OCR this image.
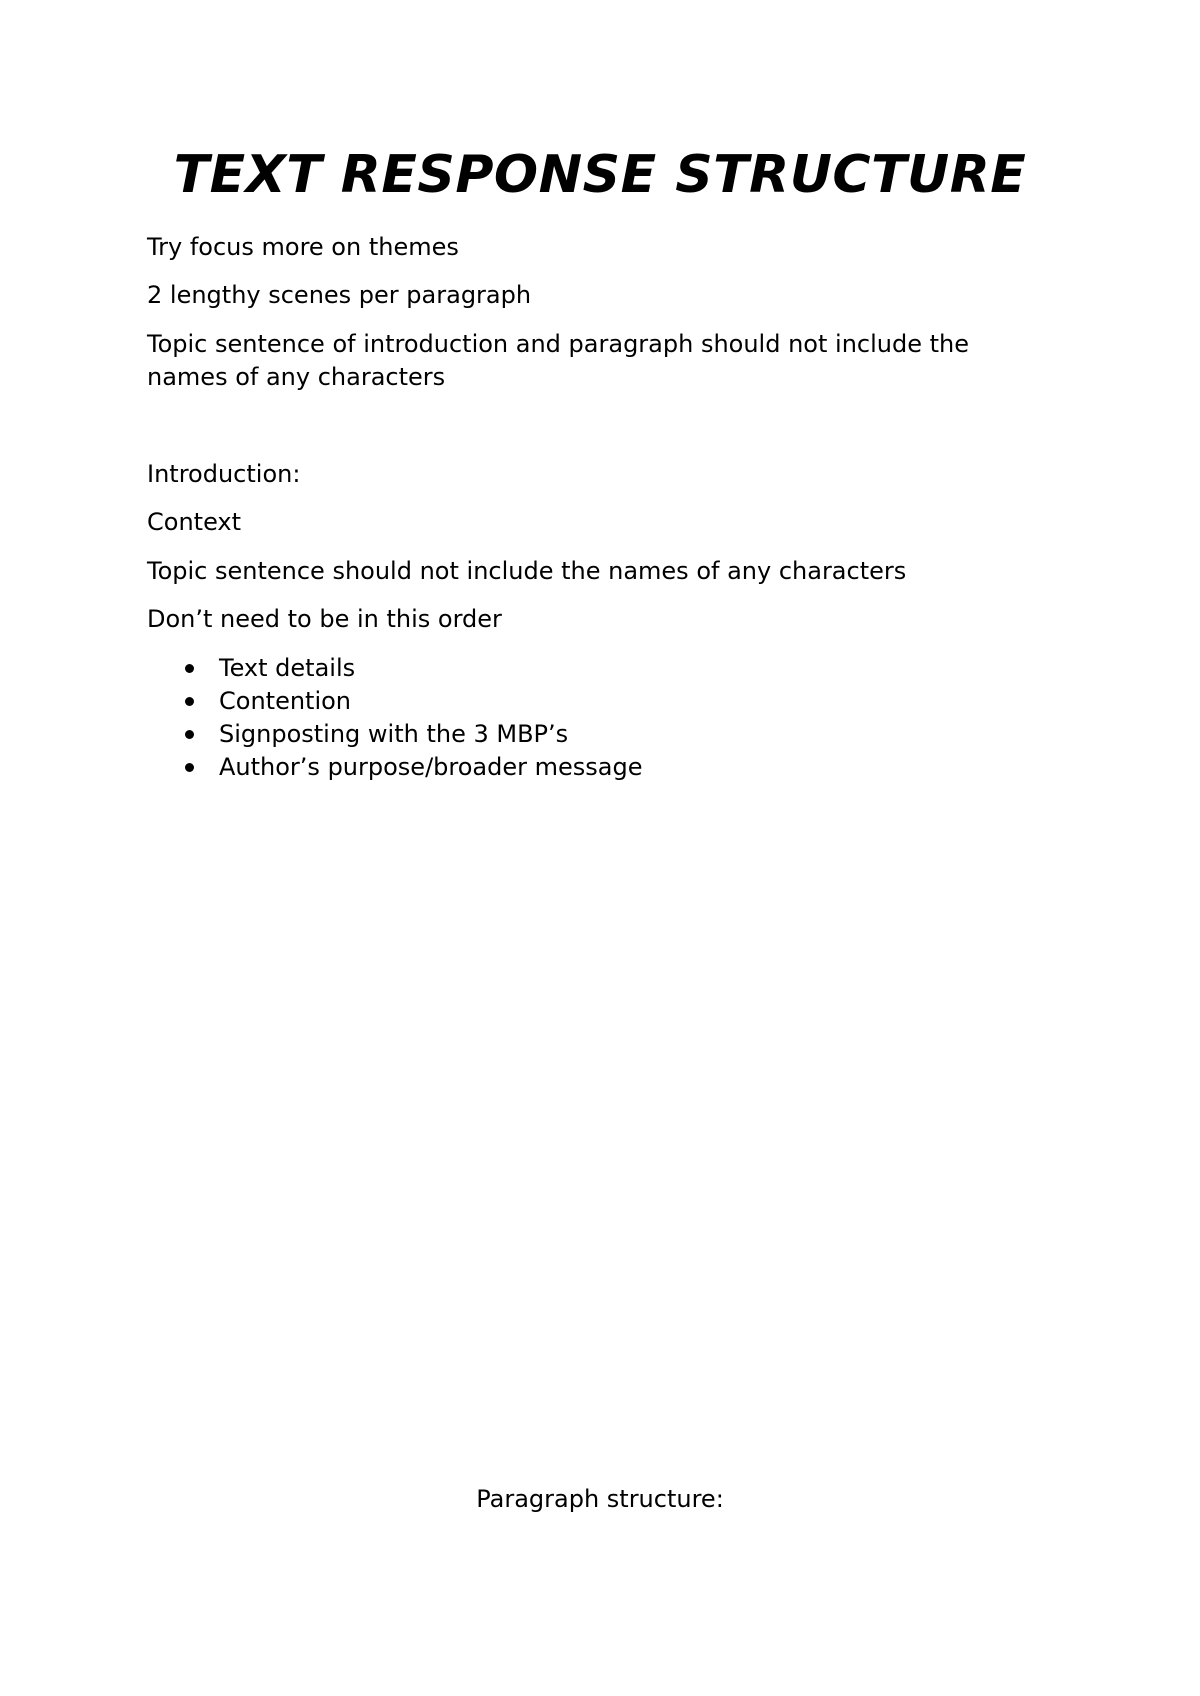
TEXT RESPONSE STRUCTURE

Try focus more on themes

2 lengthy scenes per paragraph

Topic sentence of introduction and paragraph should not include the names of any characters

Introduction:

Context

Topic sentence should not include the names of any characters

Don’t need to be in this order

Text details
Contention
Signposting with the 3 MBP’s
Author’s purpose/broader message

Paragraph structure:
